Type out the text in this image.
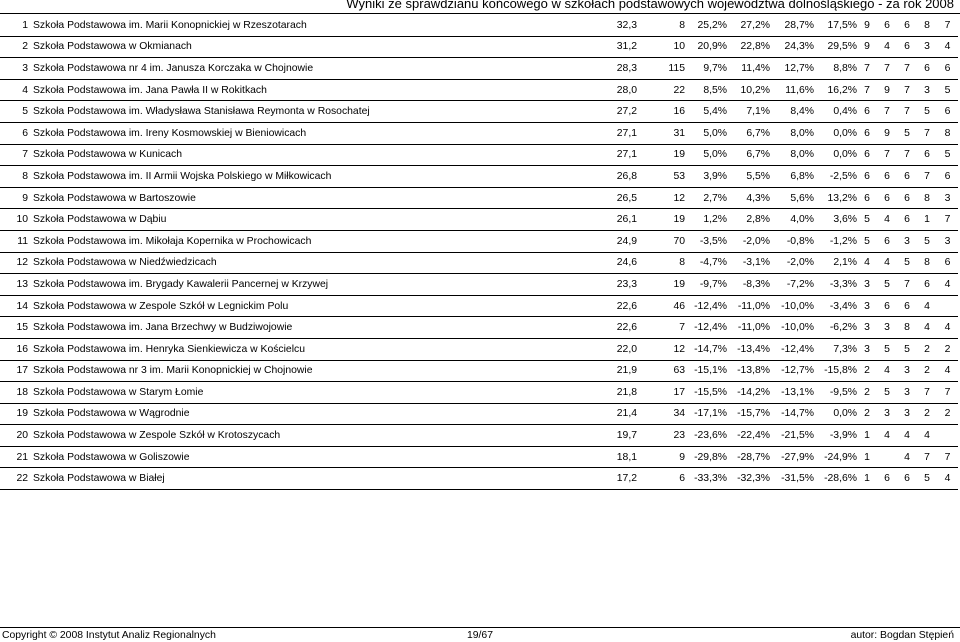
Wyniki ze sprawdzianu końcowego w szkołach podstawowych województwa dolnośląskiego - za rok 2008
1	Szkoła Podstawowa im. Marii Konopnickiej w Rzeszotarach	32,3	8	25,2%	27,2%	28,7%	17,5%	9	6	6	8	7
2	Szkoła Podstawowa w Okmianach	31,2	10	20,9%	22,8%	24,3%	29,5%	9	4	6	3	4
3	Szkoła Podstawowa nr 4 im. Janusza Korczaka w Chojnowie	28,3	115	9,7%	11,4%	12,7%	8,8%	7	7	7	6	6
4	Szkoła Podstawowa im. Jana Pawła II w Rokitkach	28,0	22	8,5%	10,2%	11,6%	16,2%	7	9	7	3	5
5	Szkoła Podstawowa im. Władysława Stanisława Reymonta w Rosochatej	27,2	16	5,4%	7,1%	8,4%	0,4%	6	7	7	5	6
6	Szkoła Podstawowa im. Ireny Kosmowskiej w Bieniowicach	27,1	31	5,0%	6,7%	8,0%	0,0%	6	9	5	7	8
7	Szkoła Podstawowa w Kunicach	27,1	19	5,0%	6,7%	8,0%	0,0%	6	7	7	6	5
8	Szkoła Podstawowa im. II Armii Wojska Polskiego w Miłkowicach	26,8	53	3,9%	5,5%	6,8%	-2,5%	6	6	6	7	6
9	Szkoła Podstawowa w Bartoszowie	26,5	12	2,7%	4,3%	5,6%	13,2%	6	6	6	8	3
10	Szkoła Podstawowa w Dąbiu	26,1	19	1,2%	2,8%	4,0%	3,6%	5	4	6	1	7
11	Szkoła Podstawowa im. Mikołaja Kopernika w Prochowicach	24,9	70	-3,5%	-2,0%	-0,8%	-1,2%	5	6	3	5	3
12	Szkoła Podstawowa w Niedźwiedzicach	24,6	8	-4,7%	-3,1%	-2,0%	2,1%	4	4	5	8	6
13	Szkoła Podstawowa im. Brygady Kawalerii Pancernej w Krzywej	23,3	19	-9,7%	-8,3%	-7,2%	-3,3%	3	5	7	6	4
14	Szkoła Podstawowa w Zespole Szkół w Legnickim Polu	22,6	46	-12,4%	-11,0%	-10,0%	-3,4%	3	6	6	4	
15	Szkoła Podstawowa im. Jana Brzechwy w Budziwojowie	22,6	7	-12,4%	-11,0%	-10,0%	-6,2%	3	3	8	4	4
16	Szkoła Podstawowa im. Henryka Sienkiewicza w Kościelcu	22,0	12	-14,7%	-13,4%	-12,4%	7,3%	3	5	5	2	2
17	Szkoła Podstawowa nr 3 im. Marii Konopnickiej w Chojnowie	21,9	63	-15,1%	-13,8%	-12,7%	-15,8%	2	4	3	2	4
18	Szkoła Podstawowa w Starym Łomie	21,8	17	-15,5%	-14,2%	-13,1%	-9,5%	2	5	3	7	7
19	Szkoła Podstawowa w Wągrodnie	21,4	34	-17,1%	-15,7%	-14,7%	0,0%	2	3	3	2	2
20	Szkoła Podstawowa w Zespole Szkół w Krotoszycach	19,7	23	-23,6%	-22,4%	-21,5%	-3,9%	1	4	4	4	
21	Szkoła Podstawowa w Goliszowie	18,1	9	-29,8%	-28,7%	-27,9%	-24,9%	1		4	7	7
22	Szkoła Podstawowa w Białej	17,2	6	-33,3%	-32,3%	-31,5%	-28,6%	1	6	6	5	4
Copyright © 2008 Instytut Analiz Regionalnych	19/67	autor: Bogdan Stępień
